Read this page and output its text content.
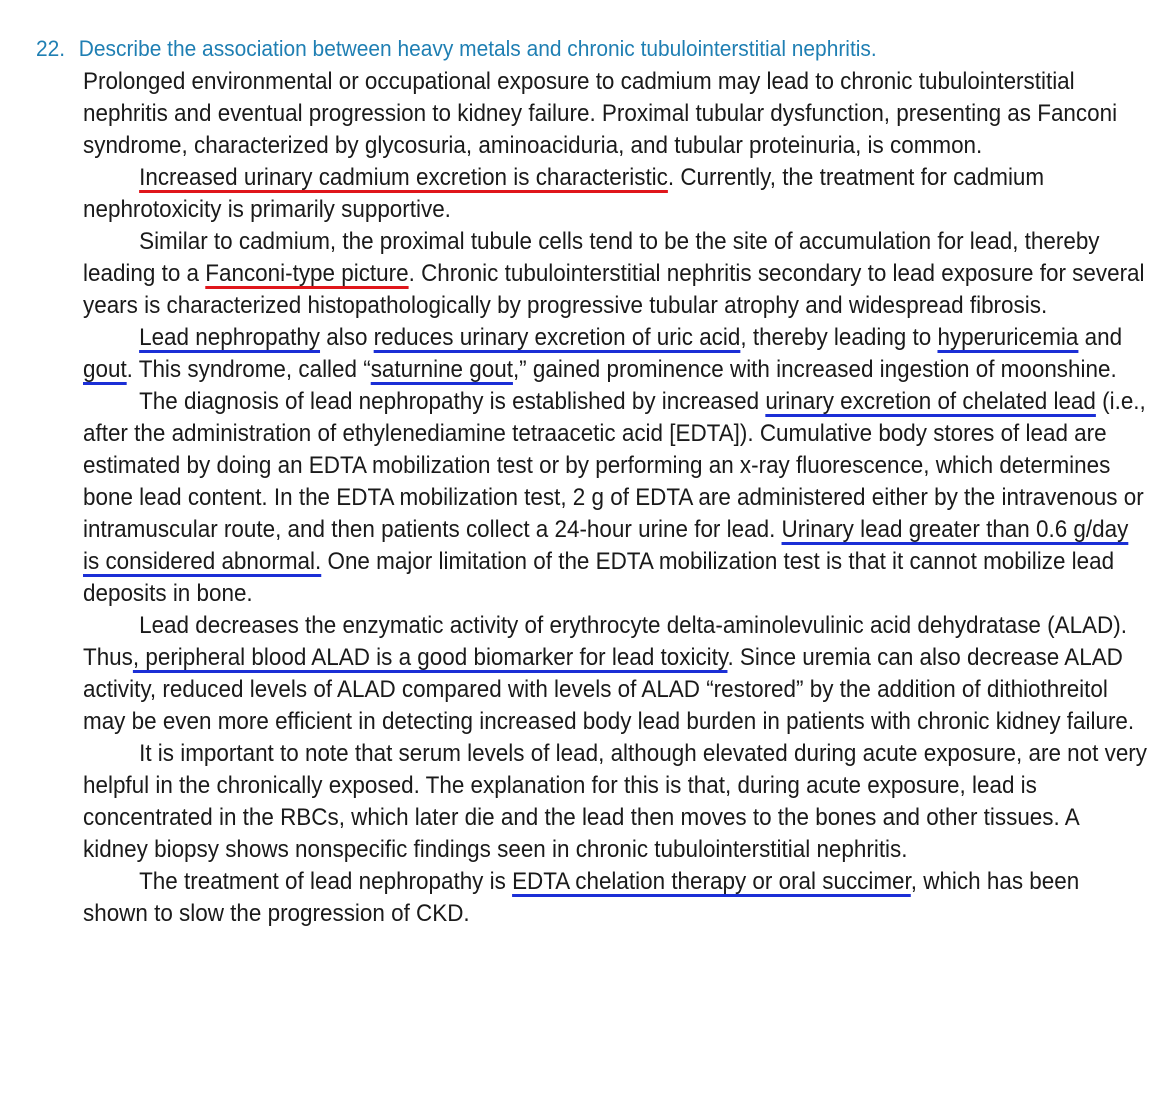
22. Describe the association between heavy metals and chronic tubulointerstitial nephritis.

Prolonged environmental or occupational exposure to cadmium may lead to chronic tubulointerstitial nephritis and eventual progression to kidney failure. Proximal tubular dysfunction, presenting as Fanconi syndrome, characterized by glycosuria, aminoaciduria, and tubular proteinuria, is common.

Increased urinary cadmium excretion is characteristic. Currently, the treatment for cadmium nephrotoxicity is primarily supportive.

Similar to cadmium, the proximal tubule cells tend to be the site of accumulation for lead, thereby leading to a Fanconi-type picture. Chronic tubulointerstitial nephritis secondary to lead exposure for several years is characterized histopathologically by progressive tubular atrophy and widespread fibrosis.

Lead nephropathy also reduces urinary excretion of uric acid, thereby leading to hyperuricemia and gout. This syndrome, called “saturnine gout,” gained prominence with increased ingestion of moonshine.

The diagnosis of lead nephropathy is established by increased urinary excretion of chelated lead (i.e., after the administration of ethylenediamine tetraacetic acid [EDTA]). Cumulative body stores of lead are estimated by doing an EDTA mobilization test or by performing an x-ray fluorescence, which determines bone lead content. In the EDTA mobilization test, 2 g of EDTA are administered either by the intravenous or intramuscular route, and then patients collect a 24-hour urine for lead. Urinary lead greater than 0.6 g/day is considered abnormal. One major limitation of the EDTA mobilization test is that it cannot mobilize lead deposits in bone.

Lead decreases the enzymatic activity of erythrocyte delta-aminolevulinic acid dehydratase (ALAD). Thus, peripheral blood ALAD is a good biomarker for lead toxicity. Since uremia can also decrease ALAD activity, reduced levels of ALAD compared with levels of ALAD “restored” by the addition of dithiothreitol may be even more efficient in detecting increased body lead burden in patients with chronic kidney failure.

It is important to note that serum levels of lead, although elevated during acute exposure, are not very helpful in the chronically exposed. The explanation for this is that, during acute exposure, lead is concentrated in the RBCs, which later die and the lead then moves to the bones and other tissues. A kidney biopsy shows nonspecific findings seen in chronic tubulointerstitial nephritis.

The treatment of lead nephropathy is EDTA chelation therapy or oral succimer, which has been shown to slow the progression of CKD.
